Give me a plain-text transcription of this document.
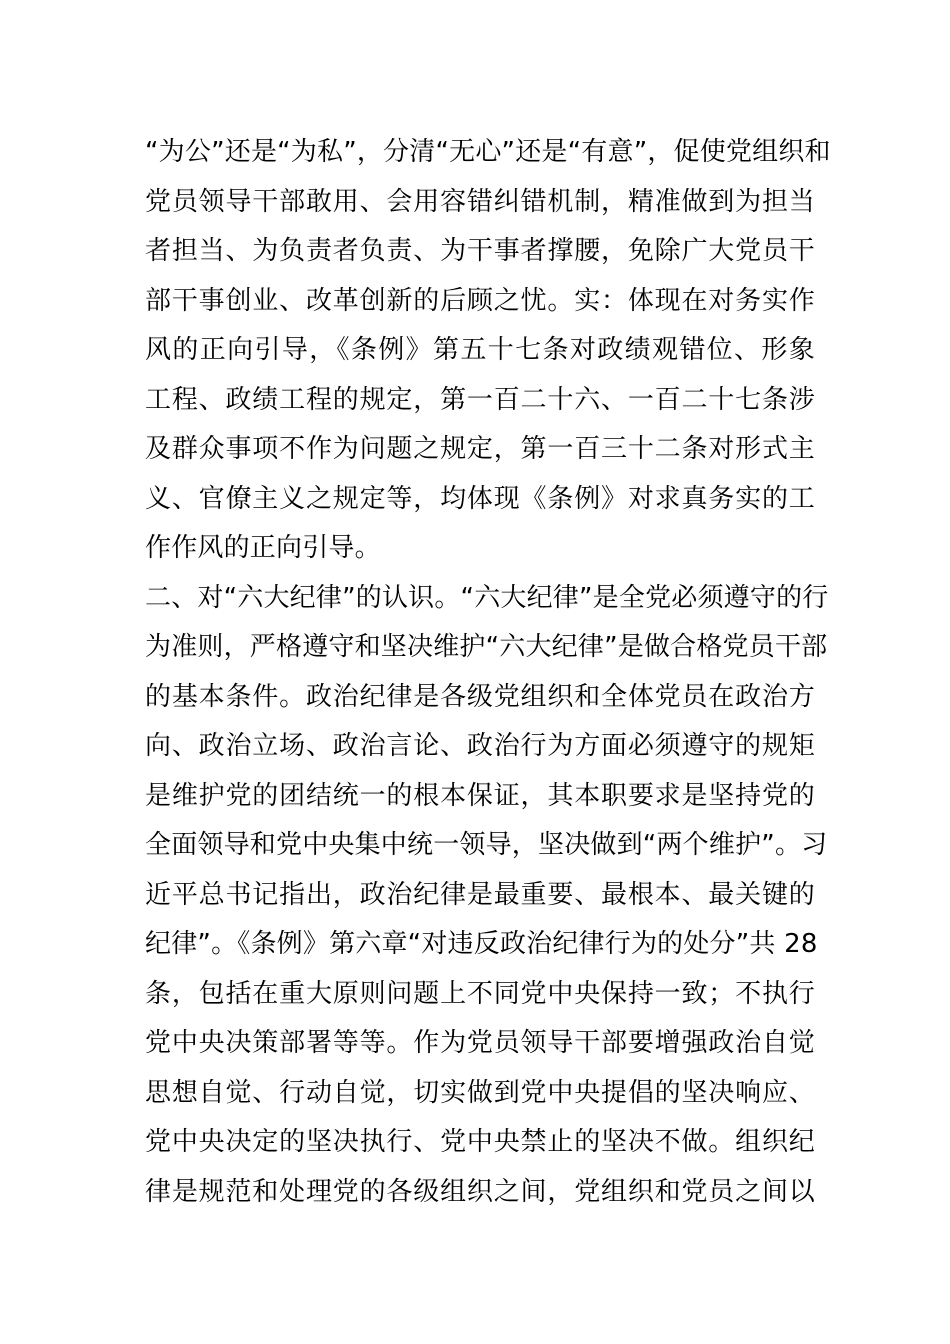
“为公”还是“为私”，分清“无心”还是“有意”，促使党组织和
党员领导干部敢用、会用容错纠错机制，精准做到为担当
者担当、为负责者负责、为干事者撑腰，免除广大党员干
部干事创业、改革创新的后顾之忧。实：体现在对务实作
风的正向引导，《条例》第五十七条对政绩观错位、形象
工程、政绩工程的规定，第一百二十六、一百二十七条涉
及群众事项不作为问题之规定，第一百三十二条对形式主
义、官僚主义之规定等，均体现《条例》对求真务实的工
作作风的正向引导。
二、对“六大纪律”的认识。“六大纪律”是全党必须遵守的行
为准则，严格遵守和坚决维护“六大纪律”是做合格党员干部
的基本条件。政治纪律是各级党组织和全体党员在政治方
向、政治立场、政治言论、政治行为方面必须遵守的规矩
是维护党的团结统一的根本保证，其本职要求是坚持党的
全面领导和党中央集中统一领导，坚决做到“两个维护”。习
近平总书记指出，政治纪律是最重要、最根本、最关键的
纪律”。《条例》第六章“对违反政治纪律行为的处分”共 28
条，包括在重大原则问题上不同党中央保持一致；不执行
党中央决策部署等等。作为党员领导干部要增强政治自觉
思想自觉、行动自觉，切实做到党中央提倡的坚决响应、
党中央决定的坚决执行、党中央禁止的坚决不做。组织纪
律是规范和处理党的各级组织之间，党组织和党员之间以
